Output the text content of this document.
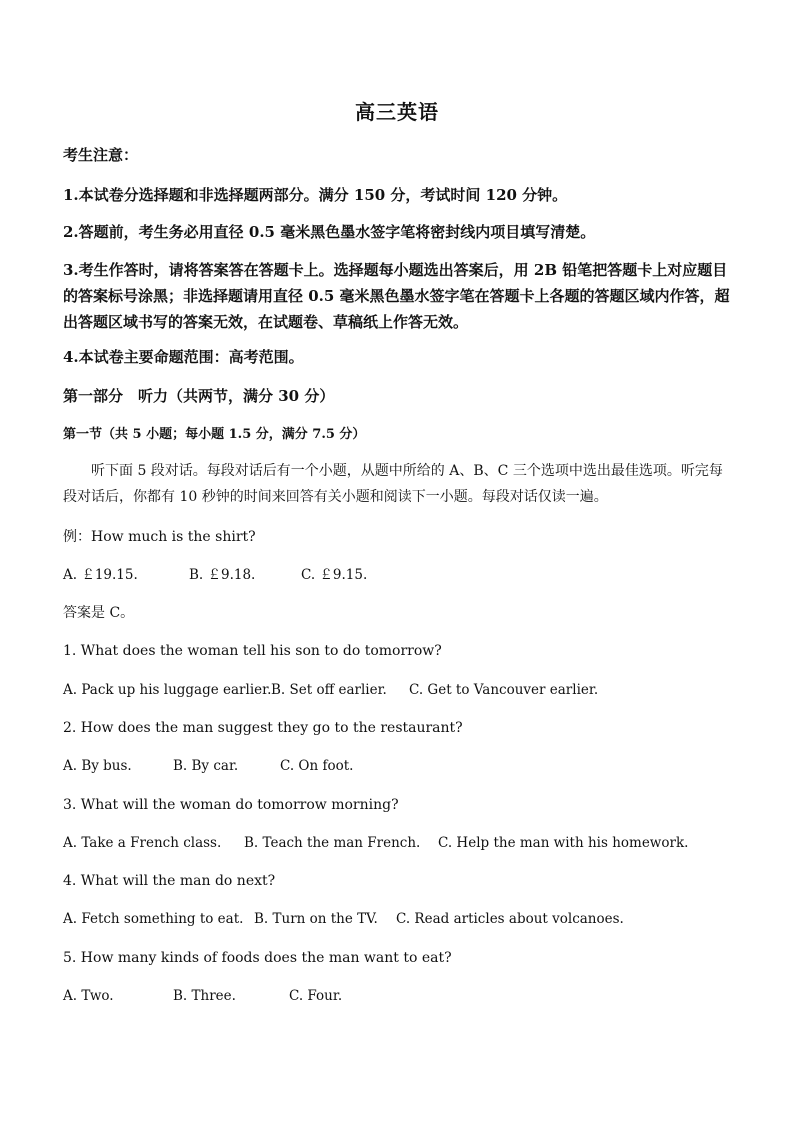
高三英语
考生注意：
1.本试卷分选择题和非选择题两部分。满分 150 分，考试时间 120 分钟。
2.答题前，考生务必用直径 0.5 毫米黑色墨水签字笔将密封线内项目填写清楚。
3.考生作答时，请将答案答在答题卡上。选择题每小题选出答案后，用 2B 铅笔把答题卡上对应题目的答案标号涂黑；非选择题请用直径 0.5 毫米黑色墨水签字笔在答题卡上各题的答题区域内作答，超出答题区域书写的答案无效，在试题卷、草稿纸上作答无效。
4.本试卷主要命题范围：高考范围。
第一部分　听力（共两节，满分 30 分）
第一节（共 5 小题；每小题 1.5 分，满分 7.5 分）
听下面 5 段对话。每段对话后有一个小题，从题中所给的 A、B、C 三个选项中选出最佳选项。听完每段对话后，你都有 10 秒钟的时间来回答有关小题和阅读下一小题。每段对话仅读一遍。
例：How much is the shirt?
A. ￡19.15.	B. ￡9.18.	C. ￡9.15.
答案是 C。
1. What does the woman tell his son to do tomorrow?
A. Pack up his luggage earlier.B. Set off earlier. C. Get to Vancouver earlier.
2. How does the man suggest they go to the restaurant?
A. By bus.	B. By car.	C. On foot.
3. What will the woman do tomorrow morning?
A. Take a French class. B. Teach the man French. C. Help the man with his homework.
4. What will the man do next?
A. Fetch something to eat. B. Turn on the TV. C. Read articles about volcanoes.
5. How many kinds of foods does the man want to eat?
A. Two.	B. Three.	C. Four.
